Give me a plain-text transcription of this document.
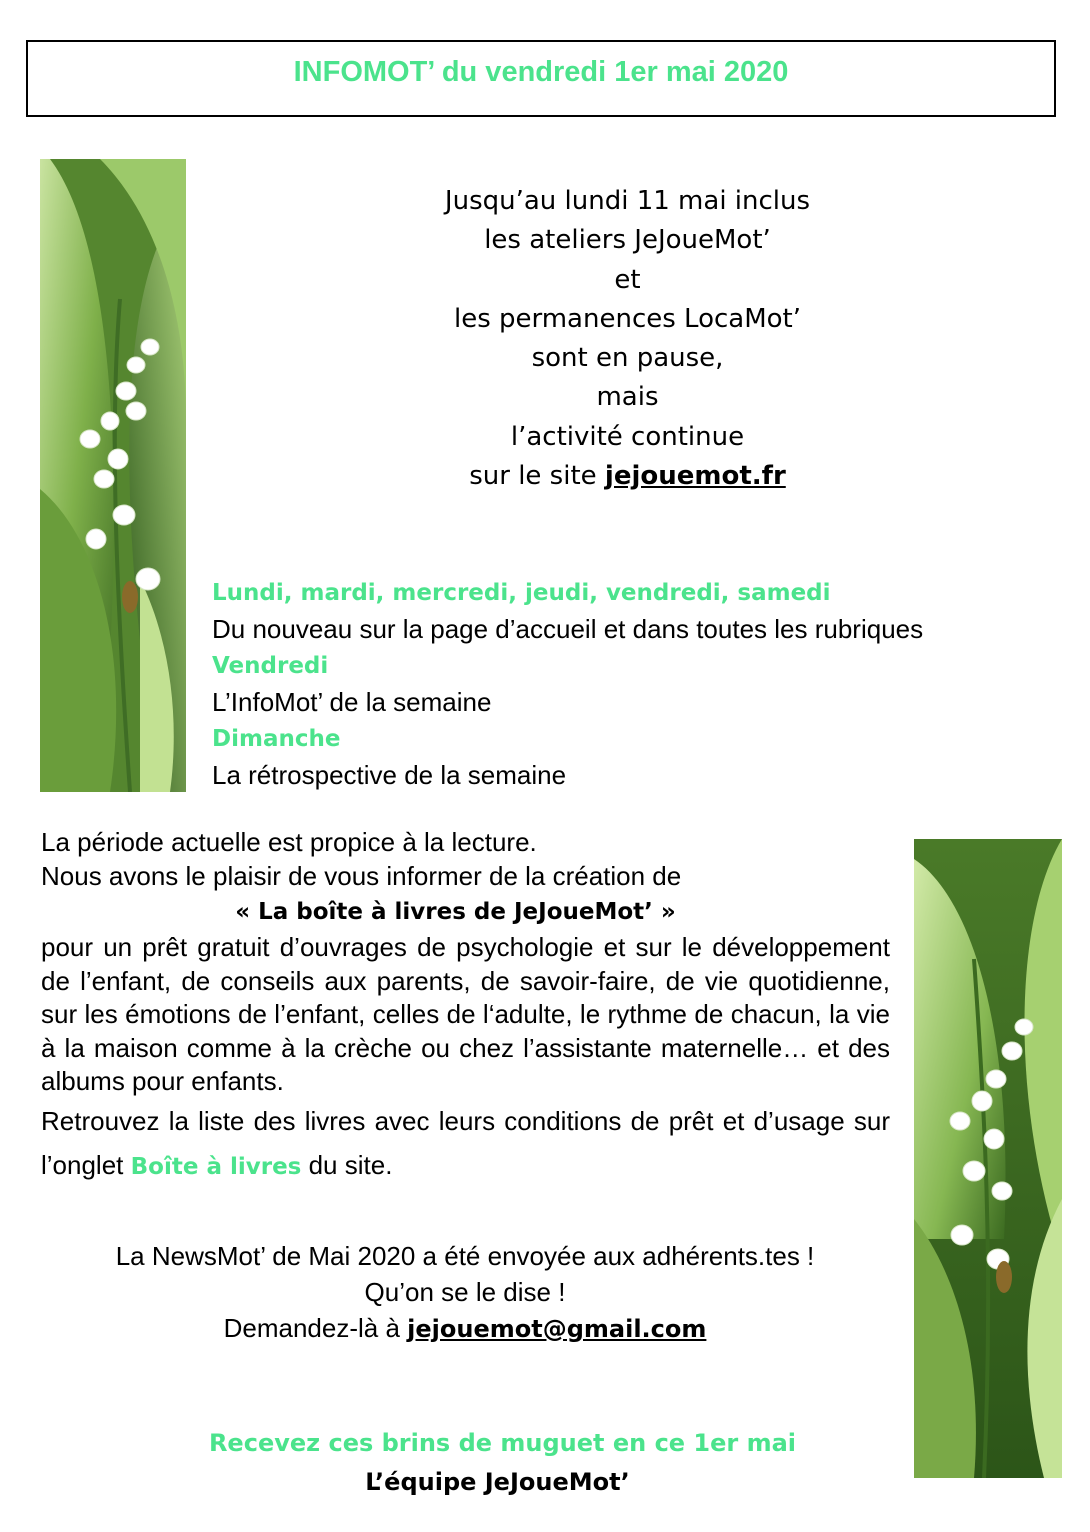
INFOMOT’ du vendredi 1er mai 2020
Jusqu’au lundi 11 mai inclus
les ateliers JeJoueMot’
et
les permanences LocaMot’
sont en pause,
mais
l’activité continue
sur le site jejouemot.fr
Lundi, mardi, mercredi, jeudi, vendredi, samedi
Du nouveau sur la page d’accueil et dans toutes les rubriques
Vendredi
L’InfoMot’ de la semaine
Dimanche
La rétrospective de la semaine

La période actuelle est propice à la lecture.

Nous avons le plaisir de vous informer de la création de

« La boîte à livres de JeJoueMot’ »

pour un prêt gratuit d’ouvrages de psychologie et sur le développement de l’enfant, de conseils aux parents, de savoir-faire, de vie quotidienne, sur les émotions de l’enfant, celles de l‘adulte, le rythme de chacun, la vie à la maison comme à la crèche ou chez l’assistante maternelle… et des albums pour enfants.

Retrouvez la liste des livres avec leurs conditions de prêt et d’usage sur l’onglet Boîte à livres du site.

La NewsMot’ de Mai 2020 a été envoyée aux adhérents.tes !
Qu’on se le dise !
Demandez-là à jejouemot@gmail.com
Recevez ces brins de muguet en ce 1er mai
L’équipe JeJoueMot’
